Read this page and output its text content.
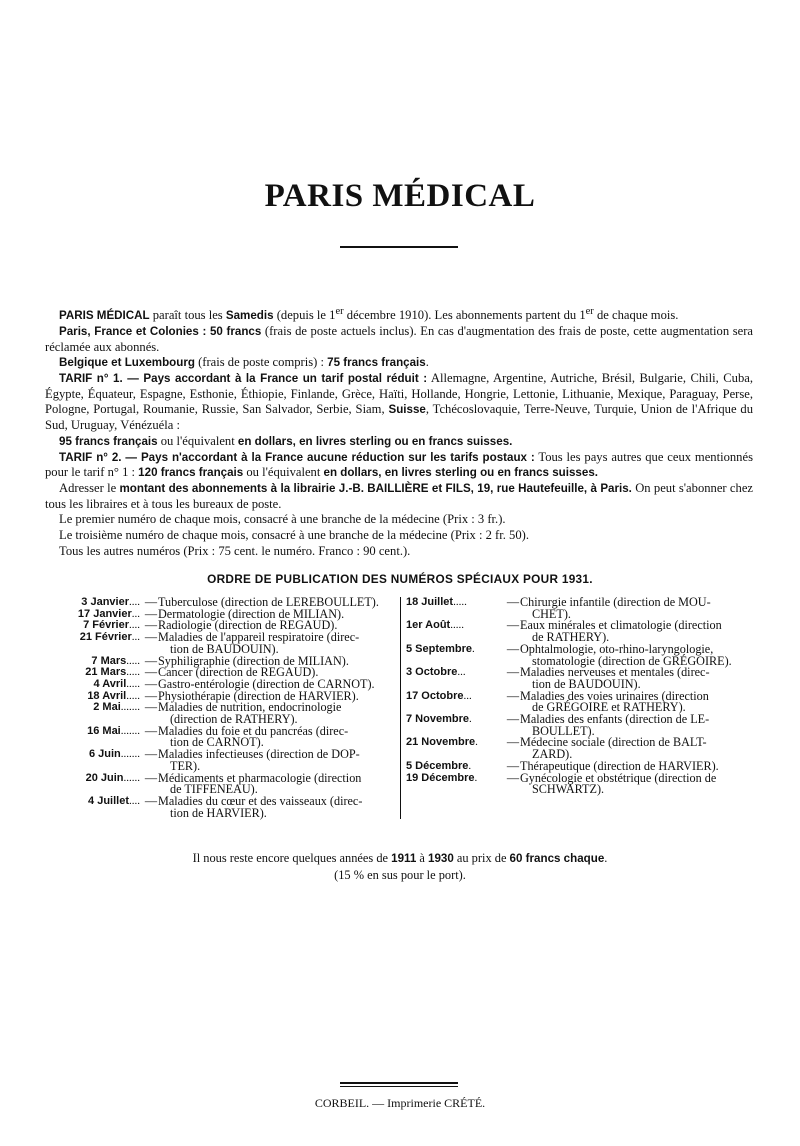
PARIS MÉDICAL

PARIS MÉDICAL paraît tous les Samedis (depuis le 1er décembre 1910). Les abonnements partent du 1er de chaque mois.

Paris, France et Colonies : 50 francs (frais de poste actuels inclus). En cas d'augmentation des frais de poste, cette augmentation sera réclamée aux abonnés.

Belgique et Luxembourg (frais de poste compris) : 75 francs français.

TARIF n° 1. — Pays accordant à la France un tarif postal réduit : Allemagne, Argentine, Autriche, Brésil, Bulgarie, Chili, Cuba, Égypte, Équateur, Espagne, Esthonie, Éthiopie, Finlande, Grèce, Haïti, Hollande, Hongrie, Lettonie, Lithuanie, Mexique, Paraguay, Perse, Pologne, Portugal, Roumanie, Russie, San Salvador, Serbie, Siam, Suisse, Tchécoslovaquie, Terre-Neuve, Turquie, Union de l'Afrique du Sud, Uruguay, Vénézuéla :

95 francs français ou l'équivalent en dollars, en livres sterling ou en francs suisses.

TARIF n° 2. — Pays n'accordant à la France aucune réduction sur les tarifs postaux : Tous les pays autres que ceux mentionnés pour le tarif n° 1 : 120 francs français ou l'équivalent en dollars, en livres sterling ou en francs suisses.

Adresser le montant des abonnements à la librairie J.-B. BAILLIÈRE et FILS, 19, rue Hautefeuille, à Paris. On peut s'abonner chez tous les libraires et à tous les bureaux de poste.

Le premier numéro de chaque mois, consacré à une branche de la médecine (Prix : 3 fr.).

Le troisième numéro de chaque mois, consacré à une branche de la médecine (Prix : 2 fr. 50).

Tous les autres numéros (Prix : 75 cent. le numéro. Franco : 90 cent.).

ORDRE DE PUBLICATION DES NUMÉROS SPÉCIAUX POUR 1931.
3 Janvier.... — Tuberculose (direction de LEREBOULLET).
17 Janvier... — Dermatologie (direction de MILIAN).
7 Février.... — Radiologie (direction de REGAUD).
21 Février... — Maladies de l'appareil respiratoire (direc-
tion de BAUDOUIN).
7 Mars..... — Syphiligraphie (direction de MILIAN).
21 Mars..... — Cancer (direction de REGAUD).
4 Avril..... — Gastro-entérologie (direction de CARNOT).
18 Avril..... — Physiothérapie (direction de HARVIER).
2 Mai....... — Maladies de nutrition, endocrinologie
(direction de RATHERY).
16 Mai....... — Maladies du foie et du pancréas (direc-
tion de CARNOT).
6 Juin....... — Maladies infectieuses (direction de DOP-
TER).
20 Juin...... — Médicaments et pharmacologie (direction
de TIFFENEAU).
4 Juillet.... — Maladies du cœur et des vaisseaux (direc-
tion de HARVIER).
18 Juillet.....	— Chirurgie infantile (direction de MOU-
CHET).
1er Août.....	— Eaux minérales et climatologie (direction
de RATHERY).
5 Septembre.	— Ophtalmologie, oto-rhino-laryngologie,
stomatologie (direction de GRÉGOIRE).
3 Octobre...	— Maladies nerveuses et mentales (direc-
tion de BAUDOUIN).
17 Octobre...	— Maladies des voies urinaires (direction
de GRÉGOIRE et RATHERY).
7 Novembre.	— Maladies des enfants (direction de LE-
BOULLET).
21 Novembre.	— Médecine sociale (direction de BALT-
ZARD).
5 Décembre.	— Thérapeutique (direction de HARVIER).
19 Décembre.	— Gynécologie et obstétrique (direction de
SCHWARTZ).
Il nous reste encore quelques années de 1911 à 1930 au prix de 60 francs chaque.
(15 % en sus pour le port).
CORBEIL. — Imprimerie CRÉTÉ.
